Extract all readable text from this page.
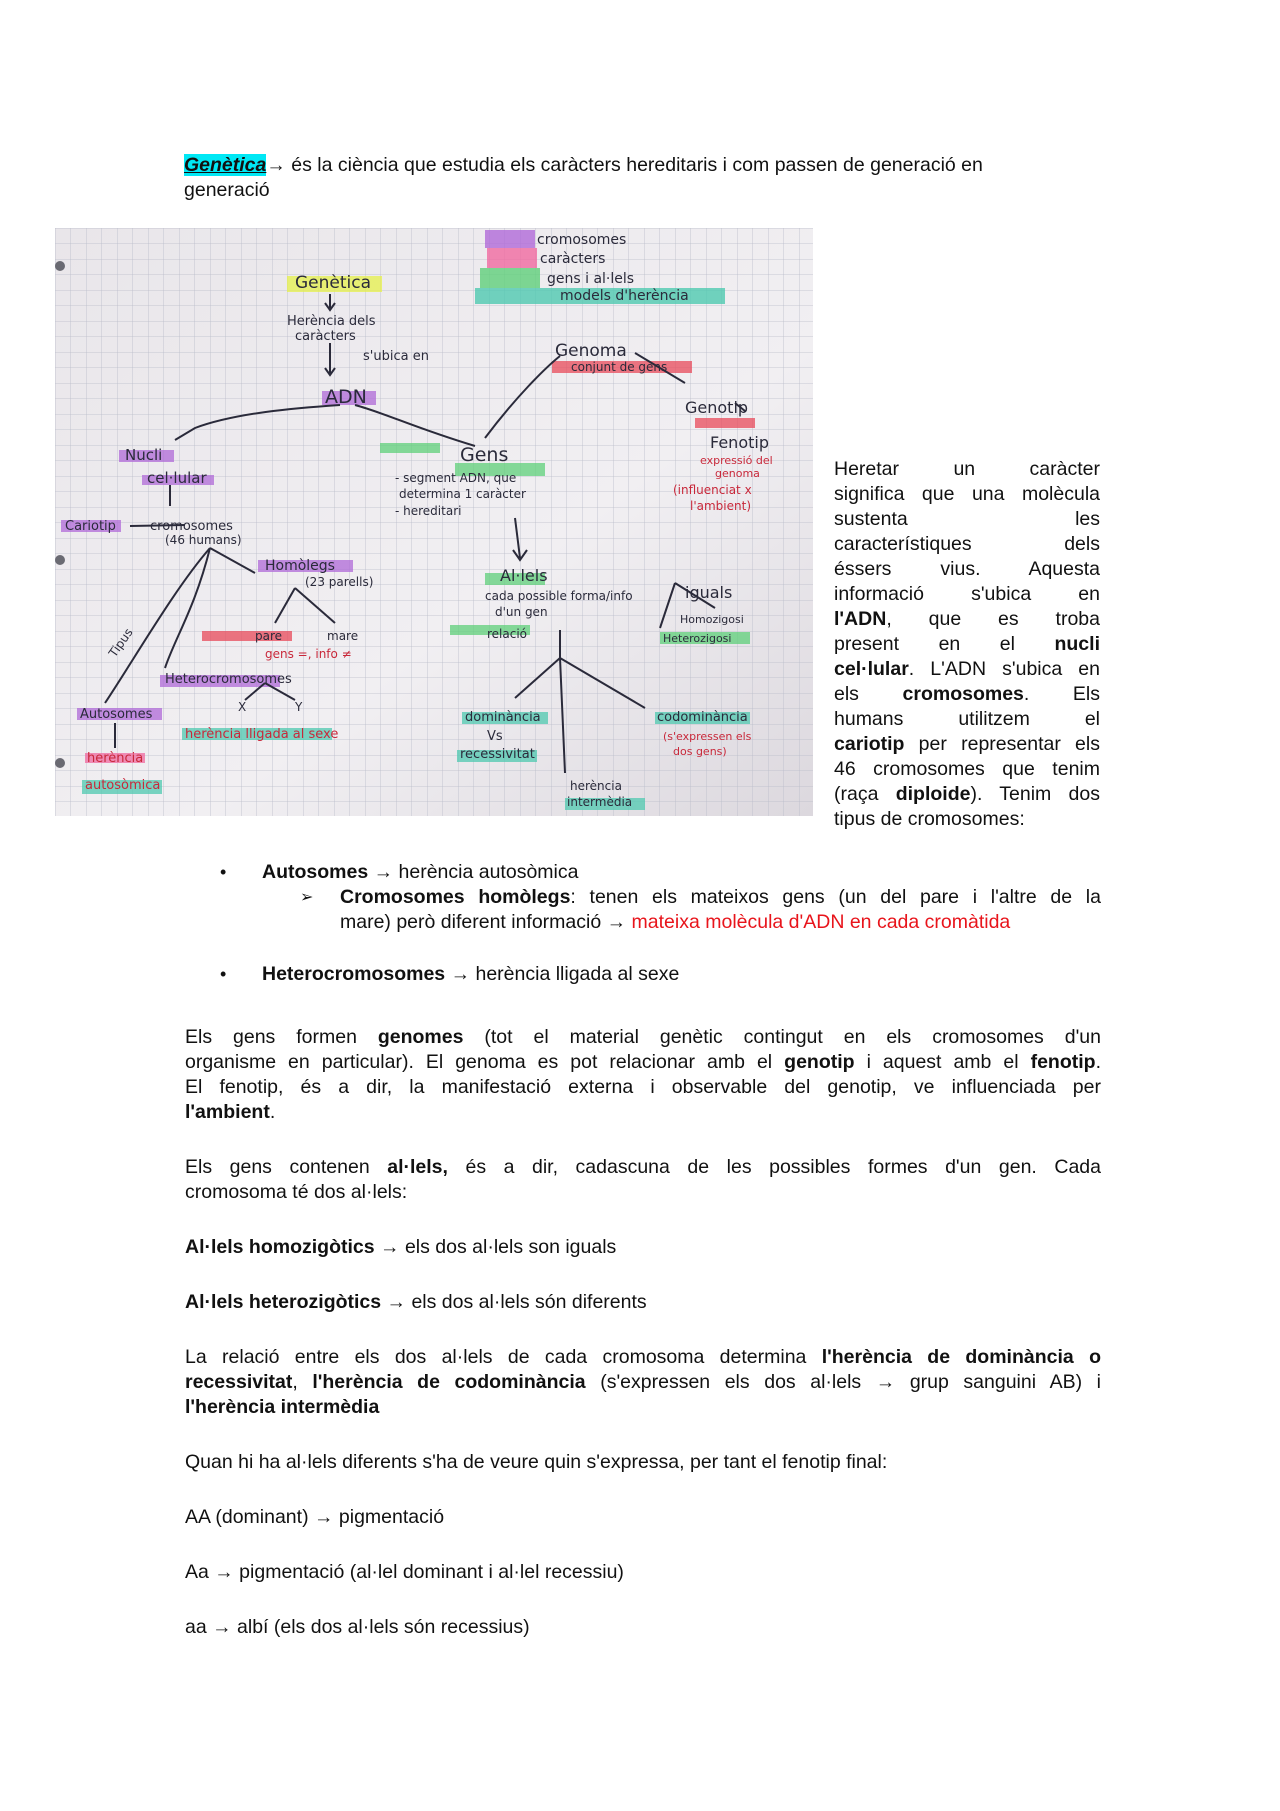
Genètica→ és la ciència que estudia els caràcters hereditaris i com passen de generació en
generació
cromosomes
caràcters
gens i al·lels
models d'herència
Genètica
Herència dels
caràcters
s'ubica en
ADN
Genoma
conjunt de gens
Genotip
Fenotip
expressió del
genoma
(influenciat x
l'ambient)
Nucli
cel·lular
Gens
- segment ADN, que
determina 1 caràcter
- hereditari
Cariotip	cromosomes
(46 humans)
Homòlegs
(23 parells)
pare	mare
gens =, info ≠
Tipus
Heterocromosomes
X	Y
Autosomes
herència lligada al sexe
herència
autosòmica
Al·lels
cada possible forma/info
d'un gen
iguals
Homozigosi
Heterozigosi
relació
dominància
Vs
recessivitat
codominància
(s'expressen els
dos gens)
herència
intermèdia
Heretar un caràcter
significa que una molècula
sustenta les
característiques dels
éssers vius. Aquesta
informació s'ubica en
l'ADN, que es troba
present en el nucli
cel·lular. L'ADN s'ubica en
els cromosomes. Els
humans utilitzem el
cariotip per representar els
46 cromosomes que tenim
(raça diploide). Tenim dos
tipus de cromosomes:
• Autosomes → herència autosòmica
➢ Cromosomes homòlegs: tenen els mateixos gens (un del pare i l'altre de la
mare) però diferent informació → mateixa molècula d'ADN en cada cromàtida
• Heterocromosomes → herència lligada al sexe
Els gens formen genomes (tot el material genètic contingut en els cromosomes d'un
organisme en particular). El genoma es pot relacionar amb el genotip i aquest amb el fenotip.
El fenotip, és a dir, la manifestació externa i observable del genotip, ve influenciada per
l'ambient.
Els gens contenen al·lels, és a dir, cadascuna de les possibles formes d'un gen. Cada
cromosoma té dos al·lels:
Al·lels homozigòtics → els dos al·lels son iguals
Al·lels heterozigòtics → els dos al·lels són diferents
La relació entre els dos al·lels de cada cromosoma determina l'herència de dominància o
recessivitat, l'herència de codominància (s'expressen els dos al·lels → grup sanguini AB) i
l'herència intermèdia
Quan hi ha al·lels diferents s'ha de veure quin s'expressa, per tant el fenotip final:
AA (dominant) → pigmentació
Aa → pigmentació (al·lel dominant i al·lel recessiu)
aa → albí (els dos al·lels són recessius)
